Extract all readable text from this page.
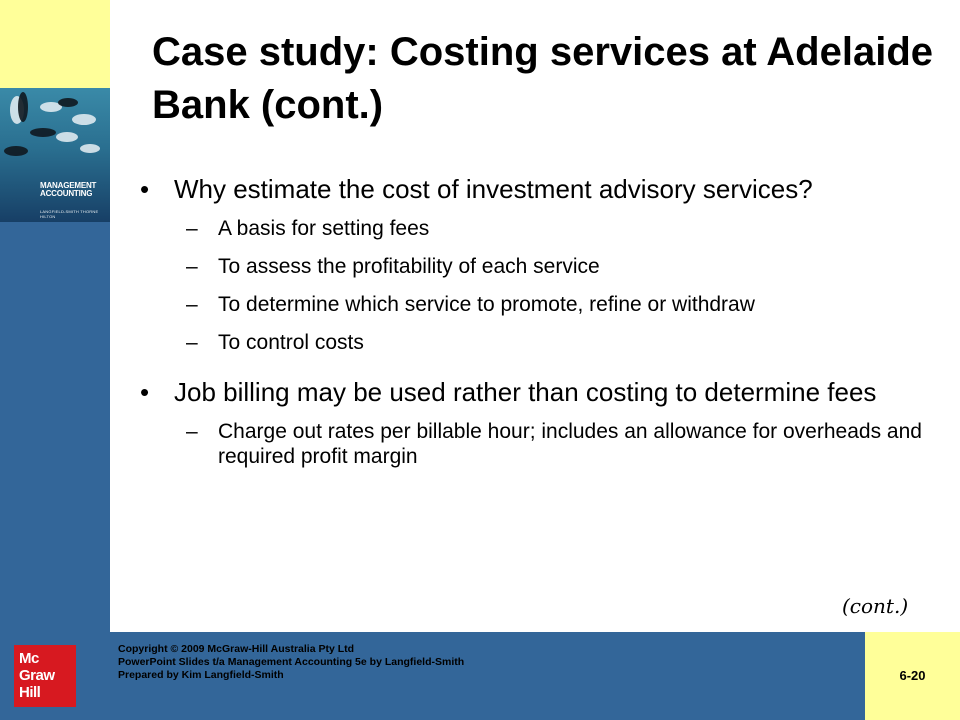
MANAGEMENT
ACCOUNTING
LANGFIELD-SMITH THORNE HILTON
Case study: Costing services at Adelaide Bank (cont.)
• Why estimate the cost of investment advisory services?
– A basis for setting fees
– To assess the profitability of each service
– To determine which service to promote, refine or withdraw
– To control costs
• Job billing may be used rather than costing to determine fees
– Charge out rates per billable hour; includes an allowance for overheads and required profit margin
(cont.)
Mc
Graw
Hill
Copyright © 2009 McGraw-Hill Australia Pty Ltd
PowerPoint Slides t/a Management Accounting 5e by Langfield-Smith
Prepared by Kim Langfield-Smith	6-20
